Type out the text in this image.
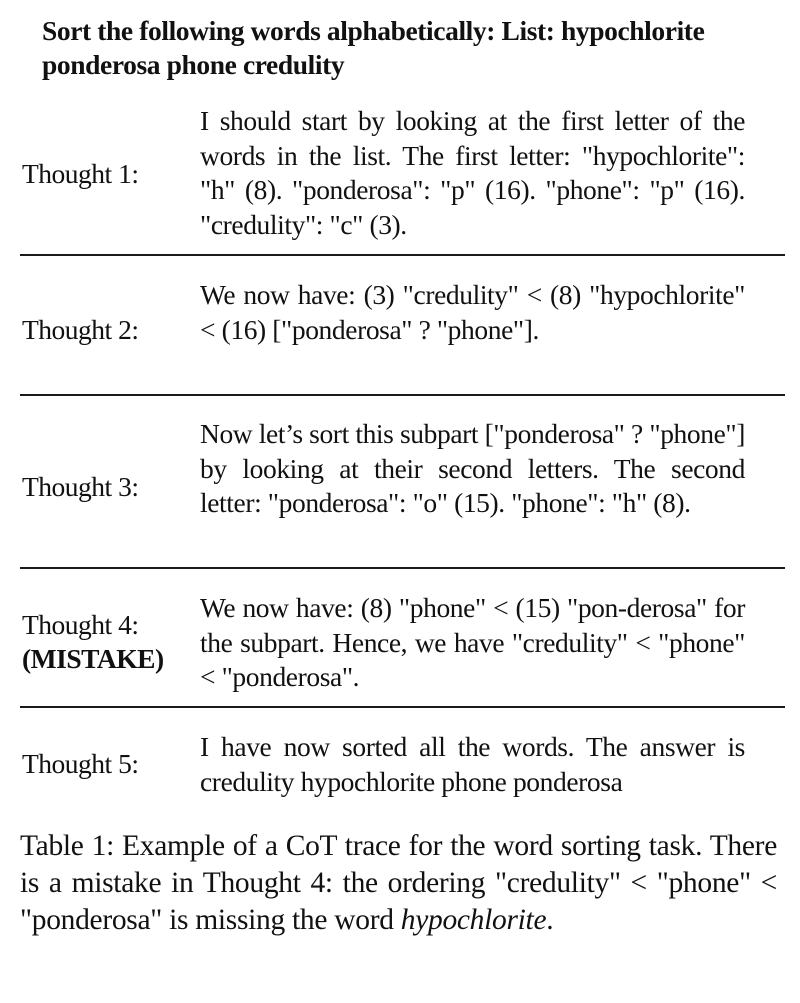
Sort the following words alphabetically: List: hypochlorite ponderosa phone credulity
Thought 1:
I should start by looking at the first letter of the words in the list. The first letter: "hypochlorite": "h" (8). "ponderosa": "p" (16). "phone": "p" (16). "credulity": "c" (3).
Thought 2:
We now have: (3) "credulity" < (8) "hypochlorite" < (16) ["ponderosa" ? "phone"].
Thought 3:
Now let’s sort this subpart ["ponderosa" ? "phone"] by looking at their second letters. The second letter: "ponderosa": "o" (15). "phone": "h" (8).
Thought 4:
(MISTAKE)
We now have: (8) "phone" < (15) "pon-derosa" for the subpart. Hence, we have "credulity" < "phone" < "ponderosa".
Thought 5:
I have now sorted all the words. The answer is credulity hypochlorite phone ponderosa
Table 1: Example of a CoT trace for the word sorting task. There is a mistake in Thought 4: the ordering "credulity" < "phone" < "ponderosa" is missing the word hypochlorite.
